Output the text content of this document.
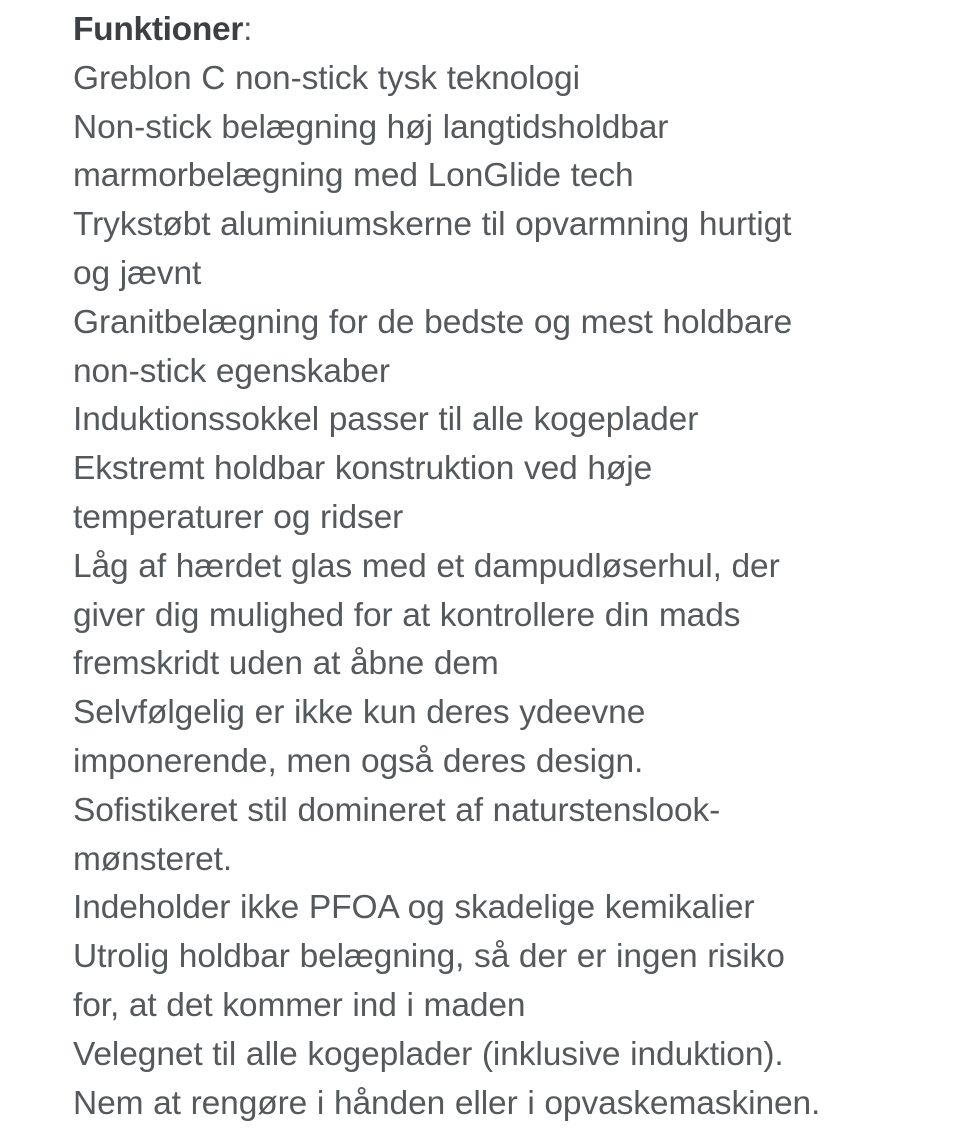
Funktioner:
Greblon C non-stick tysk teknologi
Non-stick belægning høj langtidsholdbar
marmorbelægning med LonGlide tech
Trykstøbt aluminiumskerne til opvarmning hurtigt
og jævnt
Granitbelægning for de bedste og mest holdbare
non-stick egenskaber
Induktionssokkel passer til alle kogeplader
Ekstremt holdbar konstruktion ved høje
temperaturer og ridser
Låg af hærdet glas med et dampudløserhul, der
giver dig mulighed for at kontrollere din mads
fremskridt uden at åbne dem
Selvfølgelig er ikke kun deres ydeevne
imponerende, men også deres design.
Sofistikeret stil domineret af naturstenslook-
mønsteret.
Indeholder ikke PFOA og skadelige kemikalier
Utrolig holdbar belægning, så der er ingen risiko
for, at det kommer ind i maden
Velegnet til alle kogeplader (inklusive induktion).
Nem at rengøre i hånden eller i opvaskemaskinen.
